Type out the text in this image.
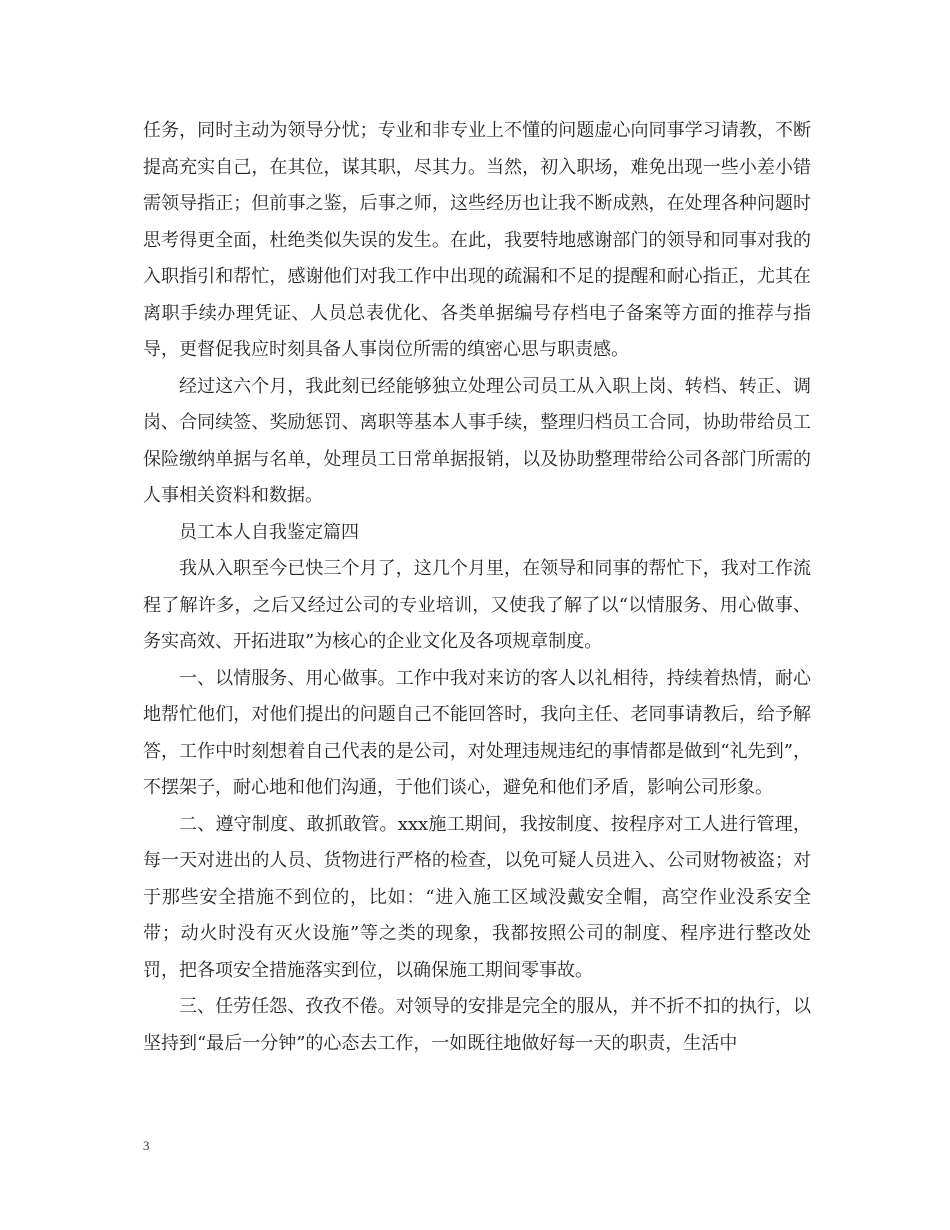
任务，同时主动为领导分忧；专业和非专业上不懂的问题虚心向同事学习请教，不断提高充实自己，在其位，谋其职，尽其力。当然，初入职场，难免出现一些小差小错需领导指正；但前事之鉴，后事之师，这些经历也让我不断成熟，在处理各种问题时思考得更全面，杜绝类似失误的发生。在此，我要特地感谢部门的领导和同事对我的入职指引和帮忙，感谢他们对我工作中出现的疏漏和不足的提醒和耐心指正，尤其在离职手续办理凭证、人员总表优化、各类单据编号存档电子备案等方面的推荐与指导，更督促我应时刻具备人事岗位所需的缜密心思与职责感。

经过这六个月，我此刻已经能够独立处理公司员工从入职上岗、转档、转正、调岗、合同续签、奖励惩罚、离职等基本人事手续，整理归档员工合同，协助带给员工保险缴纳单据与名单，处理员工日常单据报销，以及协助整理带给公司各部门所需的人事相关资料和数据。

员工本人自我鉴定篇四

我从入职至今已快三个月了，这几个月里，在领导和同事的帮忙下，我对工作流程了解许多，之后又经过公司的专业培训，又使我了解了以“以情服务、用心做事、务实高效、开拓进取”为核心的企业文化及各项规章制度。

一、以情服务、用心做事。工作中我对来访的客人以礼相待，持续着热情，耐心地帮忙他们，对他们提出的问题自己不能回答时，我向主任、老同事请教后，给予解答，工作中时刻想着自己代表的是公司，对处理违规违纪的事情都是做到“礼先到”，不摆架子，耐心地和他们沟通，于他们谈心，避免和他们矛盾，影响公司形象。

二、遵守制度、敢抓敢管。xxx施工期间，我按制度、按程序对工人进行管理，每一天对进出的人员、货物进行严格的检查，以免可疑人员进入、公司财物被盗；对于那些安全措施不到位的，比如：“进入施工区域没戴安全帽，高空作业没系安全带；动火时没有灭火设施”等之类的现象，我都按照公司的制度、程序进行整改处罚，把各项安全措施落实到位，以确保施工期间零事故。

三、任劳任怨、孜孜不倦。对领导的安排是完全的服从，并不折不扣的执行，以坚持到“最后一分钟”的心态去工作，一如既往地做好每一天的职责，生活中

3
